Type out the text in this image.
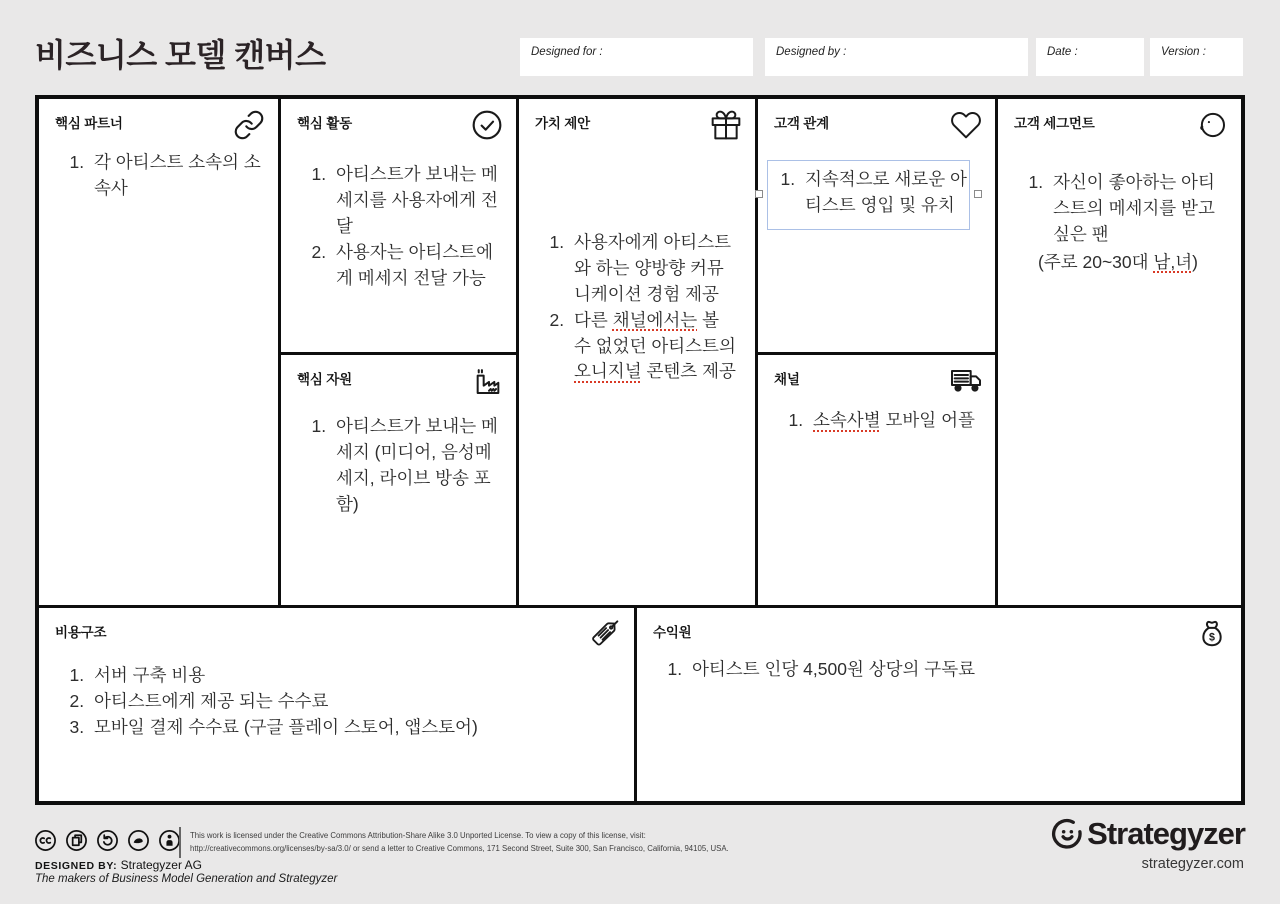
비즈니스 모델 캔버스	Designed for :	Designed by :	Date :	Version :
핵심 파트너
1. 각 아티스트 소속의 소속사
핵심 활동
1. 아티스트가 보내는 메세지를 사용자에게 전달
2. 사용자는 아티스트에게 메세지 전달 가능
핵심 자원
1. 아티스트가 보내는 메세지 (미디어, 음성메세지, 라이브 방송 포함)
가치 제안
1. 사용자에게 아티스트와 하는 양방향 커뮤니케이션 경험 제공
2. 다른 채널에서는 볼 수 없었던 아티스트의 오니지널 콘텐츠 제공
고객 관계
1. 지속적으로 새로운 아티스트 영입 및 유치
채널
1. 소속사별 모바일 어플
고객 세그먼트
1. 자신이 좋아하는 아티스트의 메세지를 받고 싶은 팬
(주로 20~30대 남,녀)
비용구조
1. 서버 구축 비용
2. 아티스트에게 제공 되는 수수료
3. 모바일 결제 수수료 (구글 플레이 스토어, 앱스토어)
수익원	$
1. 아티스트 인당 4,500원 상당의 구독료
This work is licensed under the Creative Commons Attribution-Share Alike 3.0 Unported License. To view a copy of this license, visit:
http://creativecommons.org/licenses/by-sa/3.0/ or send a letter to Creative Commons, 171 Second Street, Suite 300, San Francisco, California, 94105, USA.
DESIGNED BY: Strategyzer AG
The makers of Business Model Generation and Strategyzer
Strategyzer
strategyzer.com
